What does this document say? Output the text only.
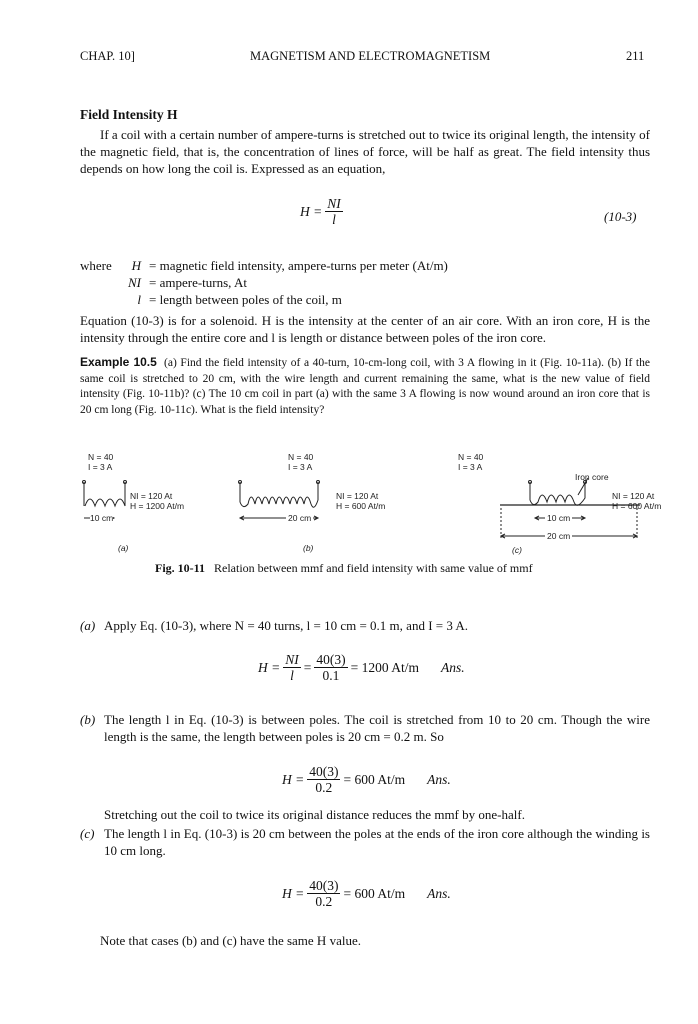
CHAP. 10]	MAGNETISM AND ELECTROMAGNETISM	211
Field Intensity H

If a coil with a certain number of ampere-turns is stretched out to twice its original length, the intensity of the magnetic field, that is, the concentration of lines of force, will be half as great. The field intensity thus depends on how long the coil is. Expressed as an equation,

$H = \frac{NI}{l}$	(10-3)
where H	= magnetic field intensity, ampere-turns per meter (At/m)
NI	= ampere-turns, At
l	= length between poles of the coil, m

Equation (10-3) is for a solenoid. H is the intensity at the center of an air core. With an iron core, H is the intensity through the entire core and l is length or distance between poles of the iron core.

Example 10.5 (a) Find the field intensity of a 40-turn, 10-cm-long coil, with 3 A flowing in it (Fig. 10-11a). (b) If the same coil is stretched to 20 cm, with the wire length and current remaining the same, what is the new value of field intensity (Fig. 10-11b)? (c) The 10 cm coil in part (a) with the same 3 A flowing is now wound around an iron core that is 20 cm long (Fig. 10-11c). What is the field intensity?

N = 40
I = 3 A
N = 40
I = 3 A
N = 40
I = 3 A
Iron core
NI = 120 At
H = 1200 At/m
10 cm
NI = 120 At
H = 600 At/m
20 cm
NI = 120 At
H = 600 At/m
10 cm
20 cm
(a)	(b)	(c)
Fig. 10-11 Relation between mmf and field intensity with same value of mmf
(a) Apply Eq. (10-3), where N = 40 turns, l = 10 cm = 0.1 m, and I = 3 A.

$H = \frac{NI}{l} = \frac{40(3)}{0.1} = 1200$ At/m Ans.
(b) The length l in Eq. (10-3) is between poles. The coil is stretched from 10 to 20 cm. Though the wire length is the same, the length between poles is 20 cm = 0.2 m. So

$H = \frac{40(3)}{0.2} = 600$ At/m Ans.

Stretching out the coil to twice its original distance reduces the mmf by one-half.

(c) The length l in Eq. (10-3) is 20 cm between the poles at the ends of the iron core although the winding is 10 cm long.

$H = \frac{40(3)}{0.2} = 600$ At/m Ans.

Note that cases (b) and (c) have the same H value.
